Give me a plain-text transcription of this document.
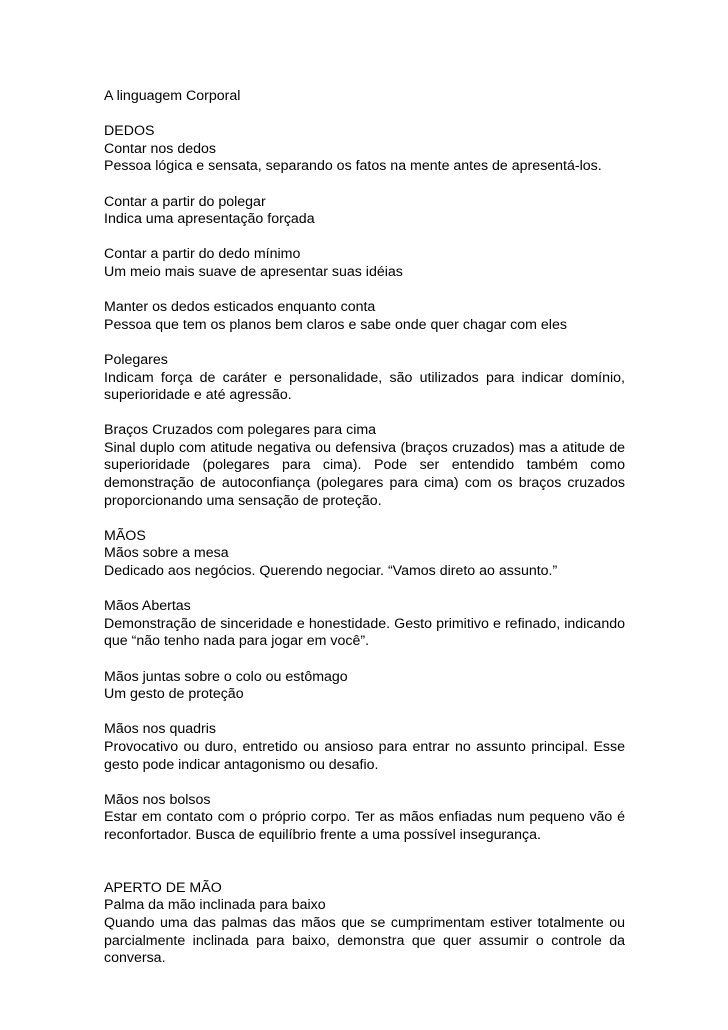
A linguagem Corporal
DEDOS
Contar nos dedos
Pessoa lógica e sensata, separando os fatos na mente antes de apresentá-los.
Contar a partir do polegar
Indica uma apresentação forçada
Contar a partir do dedo mínimo
Um meio mais suave de apresentar suas idéias
Manter os dedos esticados enquanto conta
Pessoa que tem os planos bem claros e sabe onde quer chagar com eles
Polegares
Indicam força de caráter e personalidade, são utilizados para indicar domínio, superioridade e até agressão.
Braços Cruzados com polegares para cima
Sinal duplo com atitude negativa ou defensiva (braços cruzados) mas a atitude de superioridade (polegares para cima). Pode ser entendido também como demonstração de autoconfiança (polegares para cima) com os braços cruzados proporcionando uma sensação de proteção.
MÃOS
Mãos sobre a mesa
Dedicado aos negócios. Querendo negociar. “Vamos direto ao assunto.”
Mãos Abertas
Demonstração de sinceridade e honestidade. Gesto primitivo e refinado, indicando que “não tenho nada para jogar em você”.
Mãos juntas sobre o colo ou estômago
Um gesto de proteção
Mãos nos quadris
Provocativo ou duro, entretido ou ansioso para entrar no assunto principal. Esse gesto pode indicar antagonismo ou desafio.
Mãos nos bolsos
Estar em contato com o próprio corpo. Ter as mãos enfiadas num pequeno vão é reconfortador. Busca de equilíbrio frente a uma possível insegurança.
APERTO DE MÃO
Palma da mão inclinada para baixo
Quando uma das palmas das mãos que se cumprimentam estiver totalmente ou parcialmente inclinada para baixo, demonstra que quer assumir o controle da conversa.
